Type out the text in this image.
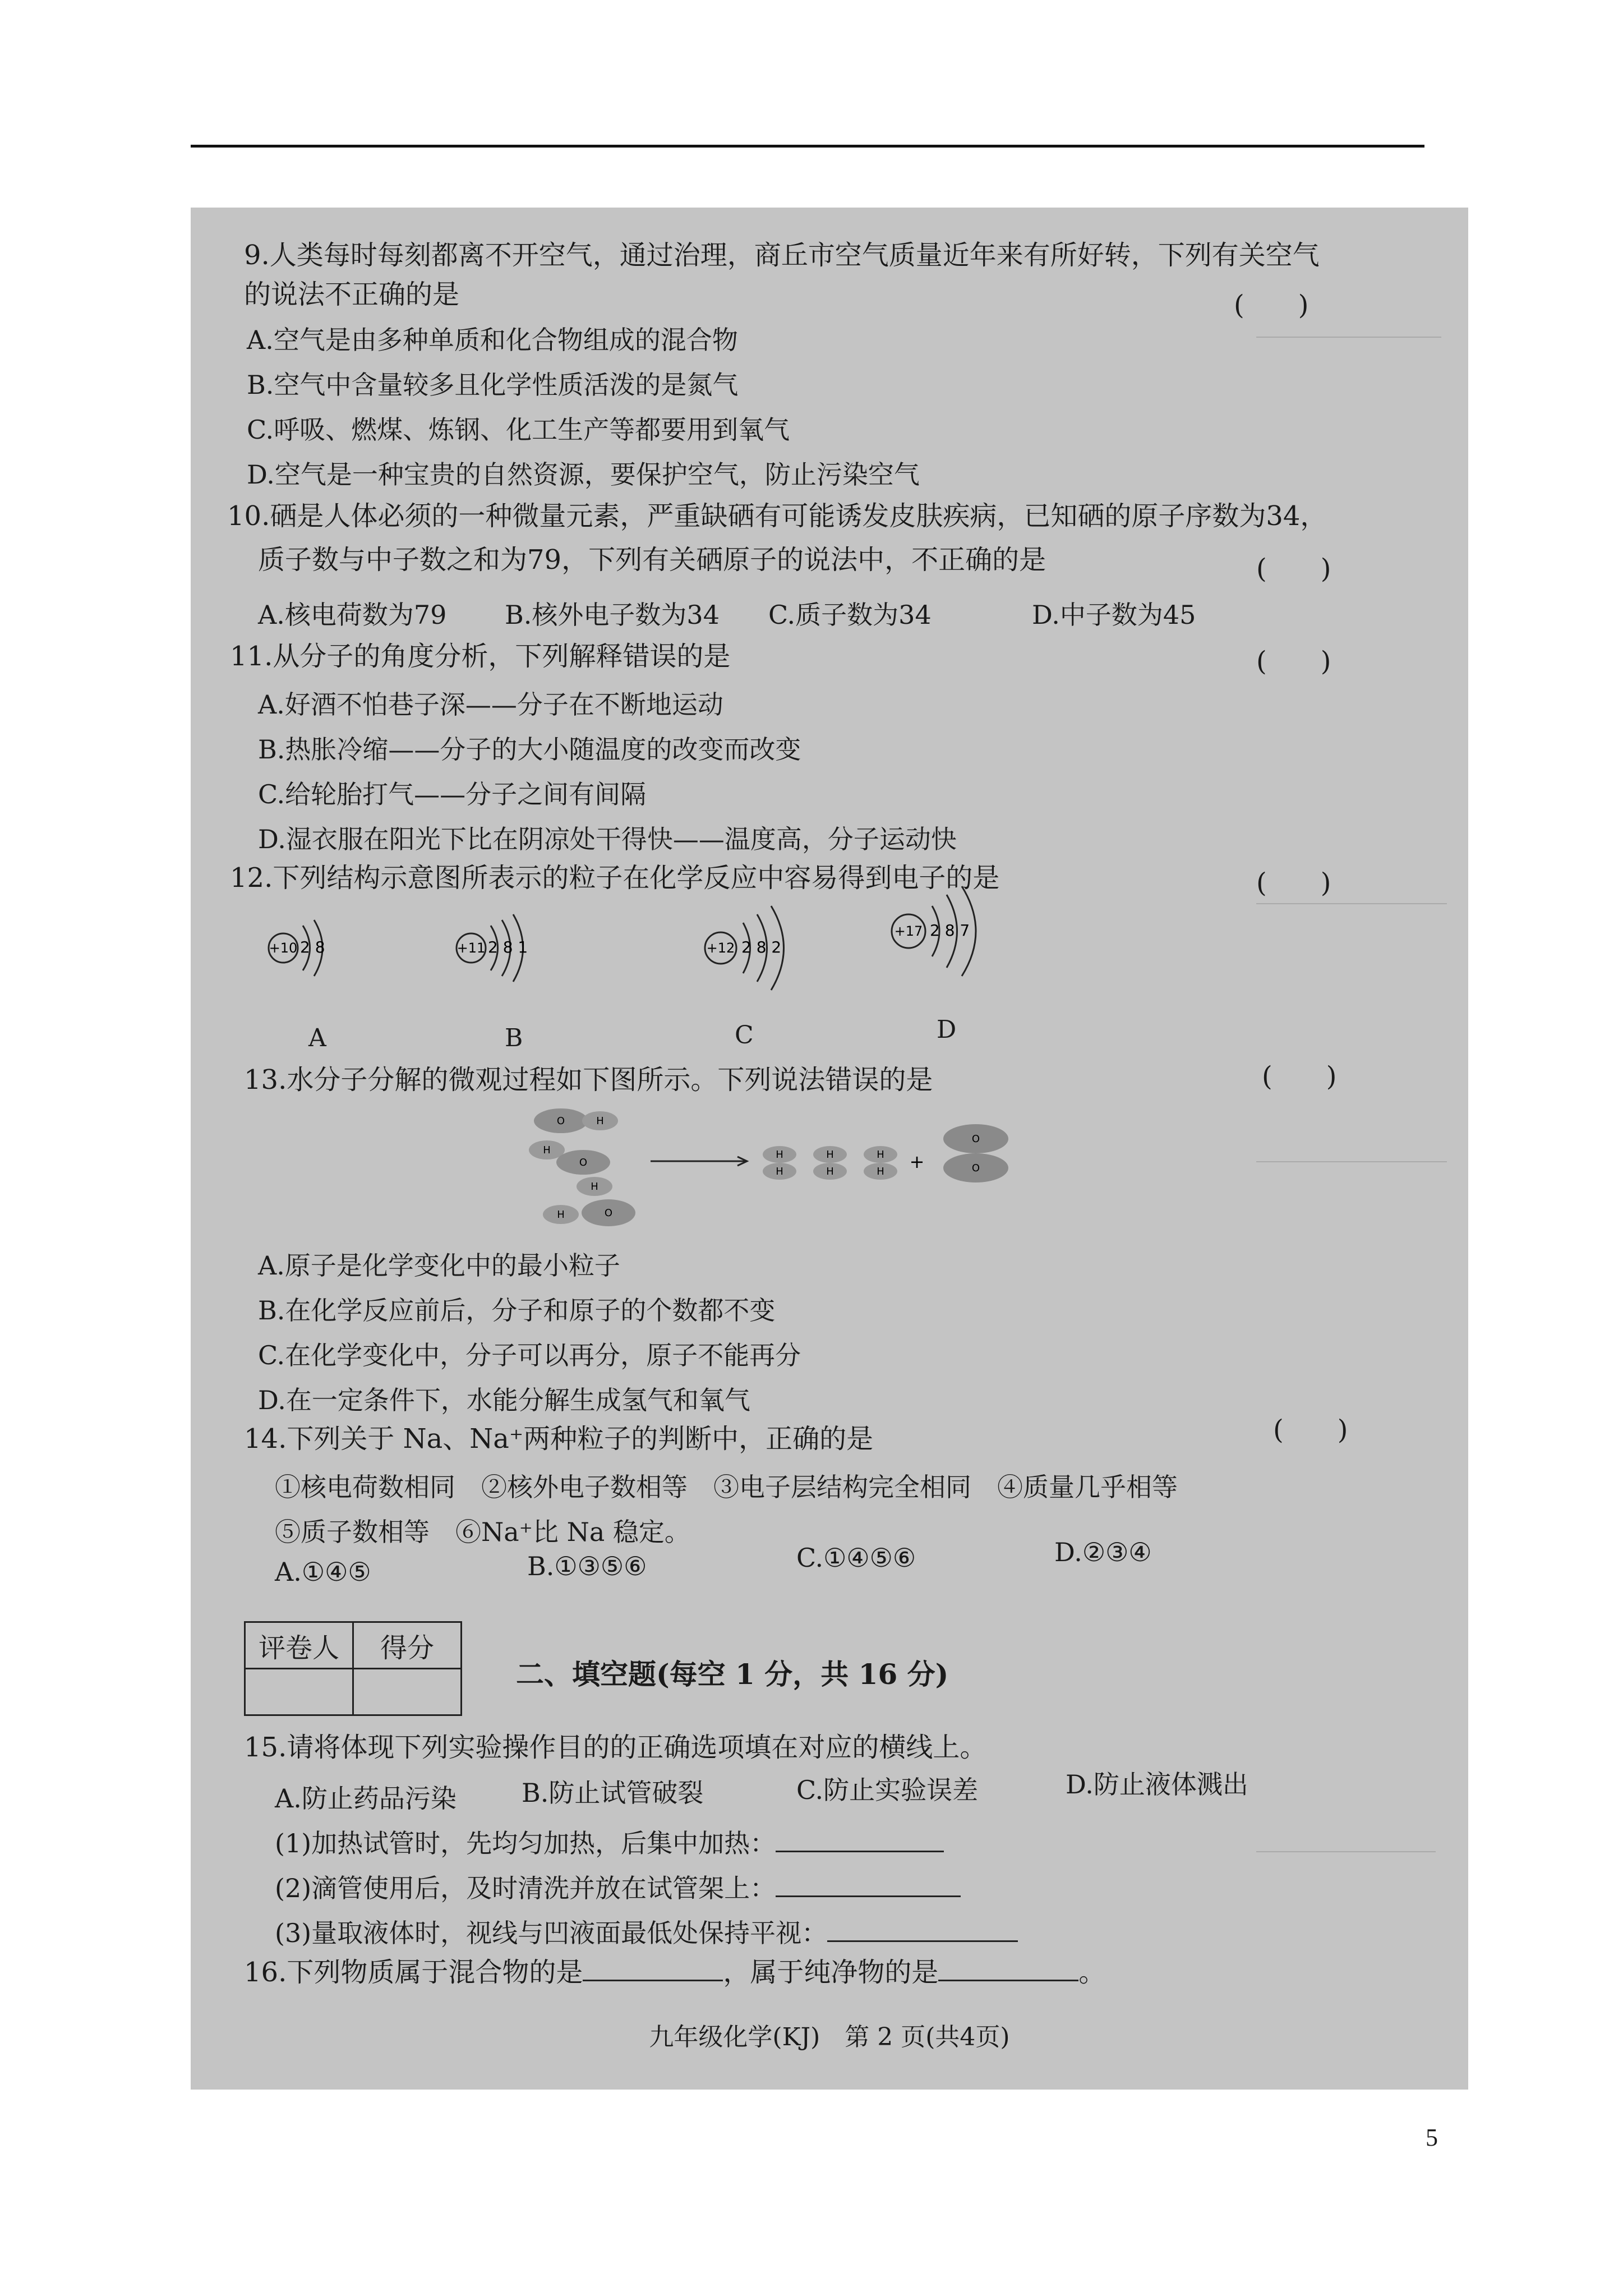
9.人类每时每刻都离不开空气，通过治理，商丘市空气质量近年来有所好转，下列有关空气
的说法不正确的是	(　　)
A.空气是由多种单质和化合物组成的混合物
B.空气中含量较多且化学性质活泼的是氮气
C.呼吸、燃煤、炼钢、化工生产等都要用到氧气
D.空气是一种宝贵的自然资源，要保护空气，防止污染空气
10.硒是人体必须的一种微量元素，严重缺硒有可能诱发皮肤疾病，已知硒的原子序数为34，
质子数与中子数之和为79，下列有关硒原子的说法中，不正确的是	(　　)
A.核电荷数为79 B.核外电子数为34 C.质子数为34	D.中子数为45
11.从分子的角度分析，下列解释错误的是	(　　)
A.好酒不怕巷子深——分子在不断地运动
B.热胀冷缩——分子的大小随温度的改变而改变
C.给轮胎打气——分子之间有间隔
D.湿衣服在阳光下比在阴凉处干得快——温度高，分子运动快
12.下列结构示意图所表示的粒子在化学反应中容易得到电子的是	(　　)
+10 2 8
A
+11 2 8 1
B
+12 2 8 2
C
+17 2 8 7
D
13.水分子分解的微观过程如下图所示。下列说法错误的是	(　　)
O	H
H
O
H
H	O
H
H
H
H
H
H +
O
O
A.原子是化学变化中的最小粒子
B.在化学反应前后，分子和原子的个数都不变
C.在化学变化中，分子可以再分，原子不能再分
D.在一定条件下，水能分解生成氢气和氧气
14.下列关于 Na、Na⁺两种粒子的判断中，正确的是	(　　)
①核电荷数相同　②核外电子数相等　③电子层结构完全相同　④质量几乎相等
⑤质子数相等　⑥Na⁺比 Na 稳定。
A.①④⑤	B.①③⑤⑥	C.①④⑤⑥	D.②③④
评卷人	得分

二、填空题(每空 1 分，共 16 分)
15.请将体现下列实验操作目的的正确选项填在对应的横线上。
A.防止药品污染	B.防止试管破裂	C.防止实验误差	D.防止液体溅出
(1)加热试管时，先均匀加热，后集中加热：
(2)滴管使用后，及时清洗并放在试管架上：
(3)量取液体时，视线与凹液面最低处保持平视：
16.下列物质属于混合物的是	，属于纯净物的是	。
九年级化学(KJ)　第 2 页(共4页)
5
